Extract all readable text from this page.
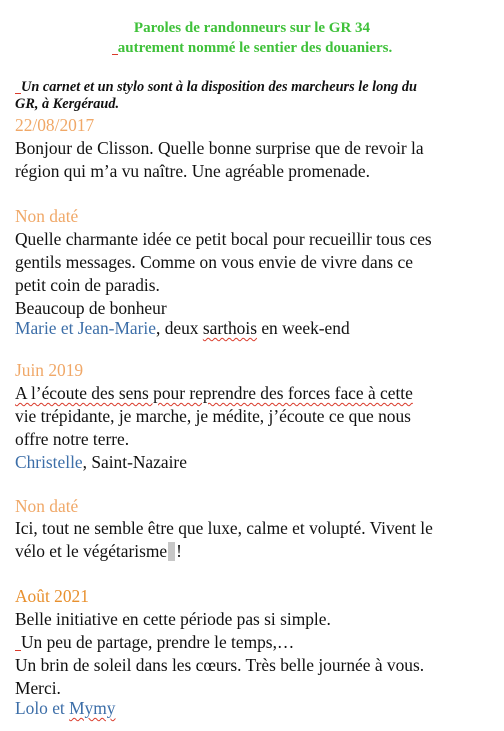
Paroles de randonneurs sur le GR 34
autrement nommé le sentier des douaniers.
Un carnet et un stylo sont à la disposition des marcheurs le long du
GR, à Kergéraud.
22/08/2017
Bonjour de Clisson. Quelle bonne surprise que de revoir la
région qui m’a vu naître. Une agréable promenade.
Non daté
Quelle charmante idée ce petit bocal pour recueillir tous ces
gentils messages. Comme on vous envie de vivre dans ce
petit coin de paradis.
Beaucoup de bonheur
Marie et Jean-Marie, deux sarthois en week-end
Juin 2019
A l’écoute des sens pour reprendre des forces face à cette
vie trépidante, je marche, je médite, j’écoute ce que nous
offre notre terre.
Christelle, Saint-Nazaire
Non daté
Ici, tout ne semble être que luxe, calme et volupté. Vivent le
vélo et le végétarisme !
Août 2021
Belle initiative en cette période pas si simple.
Un peu de partage, prendre le temps,…
Un brin de soleil dans les cœurs. Très belle journée à vous.
Merci.
Lolo et Mymy
